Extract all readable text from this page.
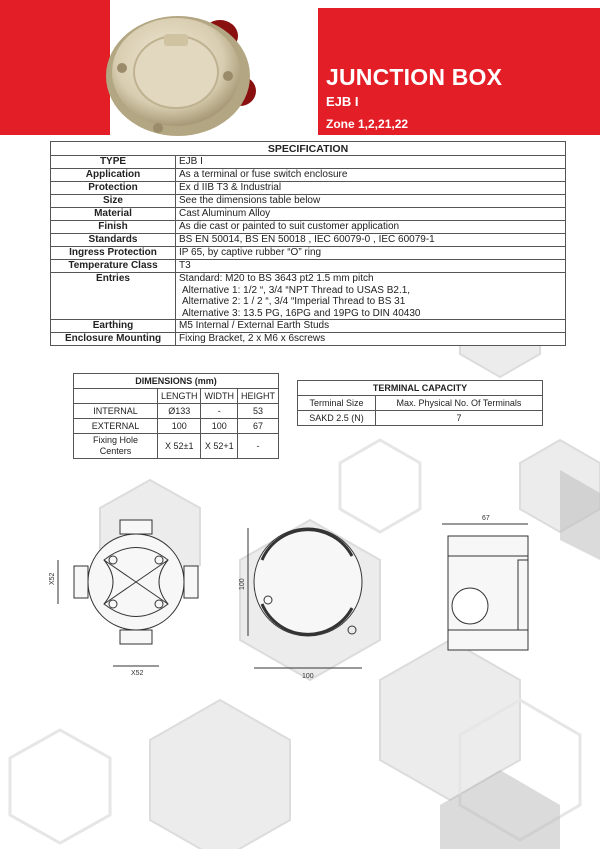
JUNCTION BOX
EJB I
Zone 1,2,21,22
SPECIFICATION	
TYPE	EJB I
Application	As a terminal or fuse switch enclosure
Protection	Ex d IIB T3 & Industrial
Size	See the dimensions table below
Material	Cast Aluminum Alloy
Finish	As die cast or painted to suit customer application
Standards	BS EN 50014, BS EN 50018 , IEC 60079-0 , IEC 60079-1
Ingress Protection	IP 65, by captive rubber “O” ring
Temperature Class	T3
Entries	Standard: M20 to BS 3643 pt2 1.5 mm pitch
Alternative 1: 1/2 “, 3/4 “NPT Thread to USAS B2.1,
Alternative 2: 1 / 2 “, 3/4 “Imperial Thread to BS 31
Alternative 3: 13.5 PG, 16PG and 19PG to DIN 40430

Earthing	M5 Internal / External Earth Studs
Enclosure Mounting	Fixing Bracket, 2 x M6 x 6screws
DIMENSIONS (mm)			
	LENGTH	WIDTH	HEIGHT
INTERNAL	Ø133	-	53
EXTERNAL	100	100	67
Fixing Hole Centers	X 52±1	X 52+1	-
TERMINAL CAPACITY	
Terminal Size	Max. Physical No. Of Terminals
SAKD 2.5 (N)	7
X52
X52
100
100
67
